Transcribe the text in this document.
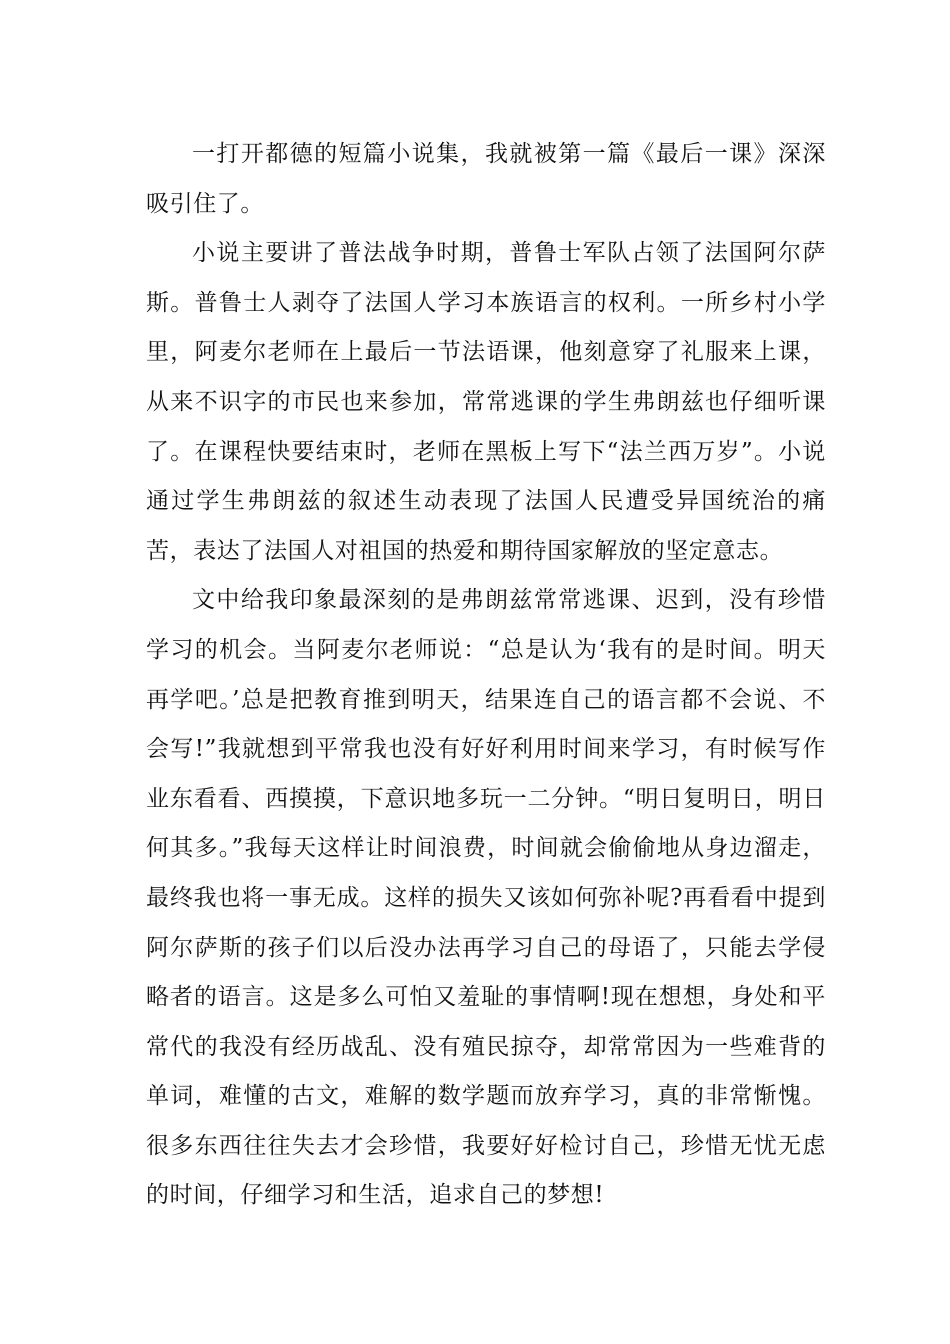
一打开都德的短篇小说集，我就被第一篇《最后一课》深深吸引住了。

小说主要讲了普法战争时期，普鲁士军队占领了法国阿尔萨斯。普鲁士人剥夺了法国人学习本族语言的权利。一所乡村小学里，阿麦尔老师在上最后一节法语课，他刻意穿了礼服来上课，从来不识字的市民也来参加，常常逃课的学生弗朗兹也仔细听课了。在课程快要结束时，老师在黑板上写下“法兰西万岁”。小说通过学生弗朗兹的叙述生动表现了法国人民遭受异国统治的痛苦，表达了法国人对祖国的热爱和期待国家解放的坚定意志。

文中给我印象最深刻的是弗朗兹常常逃课、迟到，没有珍惜学习的机会。当阿麦尔老师说：“总是认为‘我有的是时间。明天再学吧。’总是把教育推到明天，结果连自己的语言都不会说、不会写!”我就想到平常我也没有好好利用时间来学习，有时候写作业东看看、西摸摸，下意识地多玩一二分钟。“明日复明日，明日何其多。”我每天这样让时间浪费，时间就会偷偷地从身边溜走，最终我也将一事无成。这样的损失又该如何弥补呢?再看看中提到阿尔萨斯的孩子们以后没办法再学习自己的母语了，只能去学侵略者的语言。这是多么可怕又羞耻的事情啊!现在想想，身处和平常代的我没有经历战乱、没有殖民掠夺，却常常因为一些难背的单词，难懂的古文，难解的数学题而放弃学习，真的非常惭愧。很多东西往往失去才会珍惜，我要好好检讨自己，珍惜无忧无虑的时间，仔细学习和生活，追求自己的梦想!
